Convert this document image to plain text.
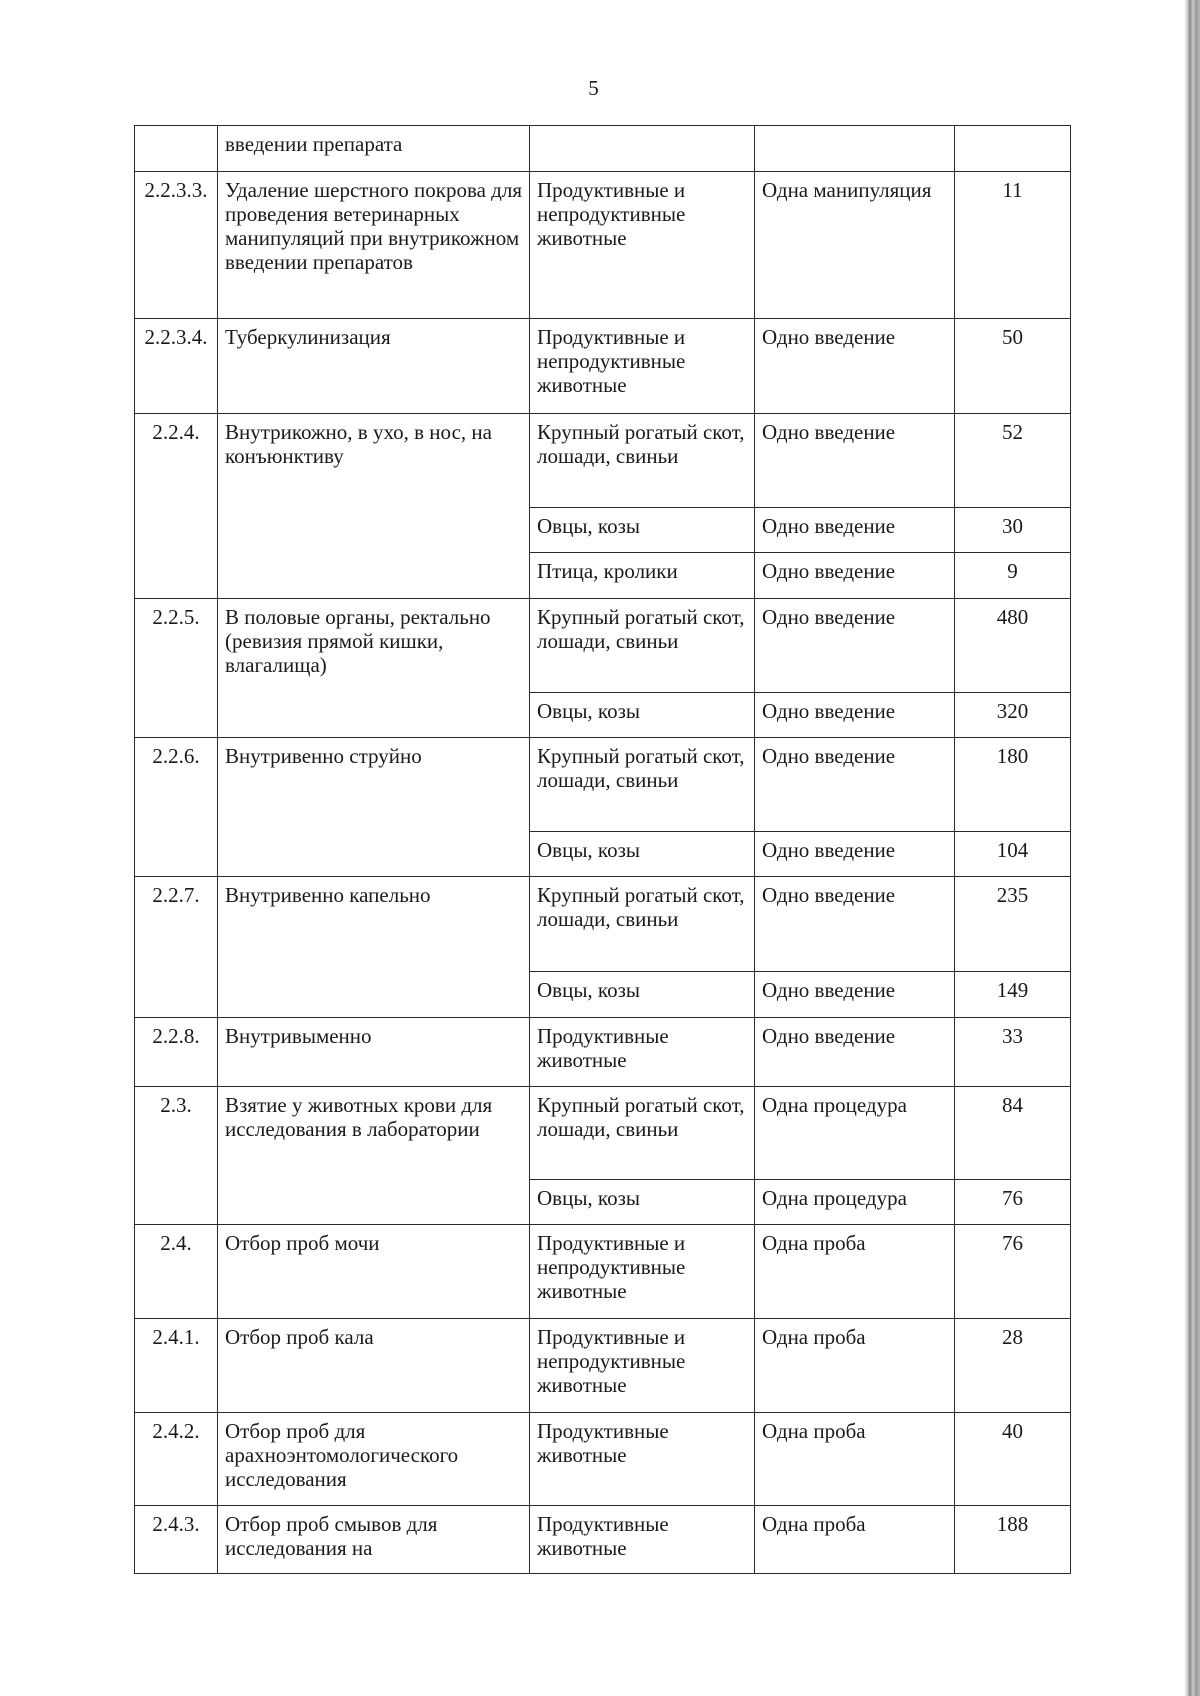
5
	введении препарата			
2.2.3.3.	Удаление шерстного покрова для проведения ветеринарных манипуляций при внутрикожном введении препаратов	Продуктивные и непродуктивные животные	Одна манипуляция	11
2.2.3.4.	Туберкулинизация	Продуктивные и непродуктивные животные	Одно введение	50
2.2.4.	Внутрикожно, в ухо, в нос, на конъюнктиву	Крупный рогатый скот, лошади, свиньи	Одно введение	52
		Овцы, козы	Одно введение	30
		Птица, кролики	Одно введение	9
2.2.5.	В половые органы, ректально (ревизия прямой кишки, влагалища)	Крупный рогатый скот, лошади, свиньи	Одно введение	480
		Овцы, козы	Одно введение	320
2.2.6.	Внутривенно струйно	Крупный рогатый скот, лошади, свиньи	Одно введение	180
		Овцы, козы	Одно введение	104
2.2.7.	Внутривенно капельно	Крупный рогатый скот, лошади, свиньи	Одно введение	235
		Овцы, козы	Одно введение	149
2.2.8.	Внутривыменно	Продуктивные животные	Одно введение	33
2.3.	Взятие у животных крови для исследования в лаборатории	Крупный рогатый скот, лошади, свиньи	Одна процедура	84
		Овцы, козы	Одна процедура	76
2.4.	Отбор проб мочи	Продуктивные и непродуктивные животные	Одна проба	76
2.4.1.	Отбор проб кала	Продуктивные и непродуктивные животные	Одна проба	28
2.4.2.	Отбор проб для арахноэнтомологического исследования	Продуктивные животные	Одна проба	40
2.4.3.	Отбор проб смывов для исследования на	Продуктивные животные	Одна проба	188
